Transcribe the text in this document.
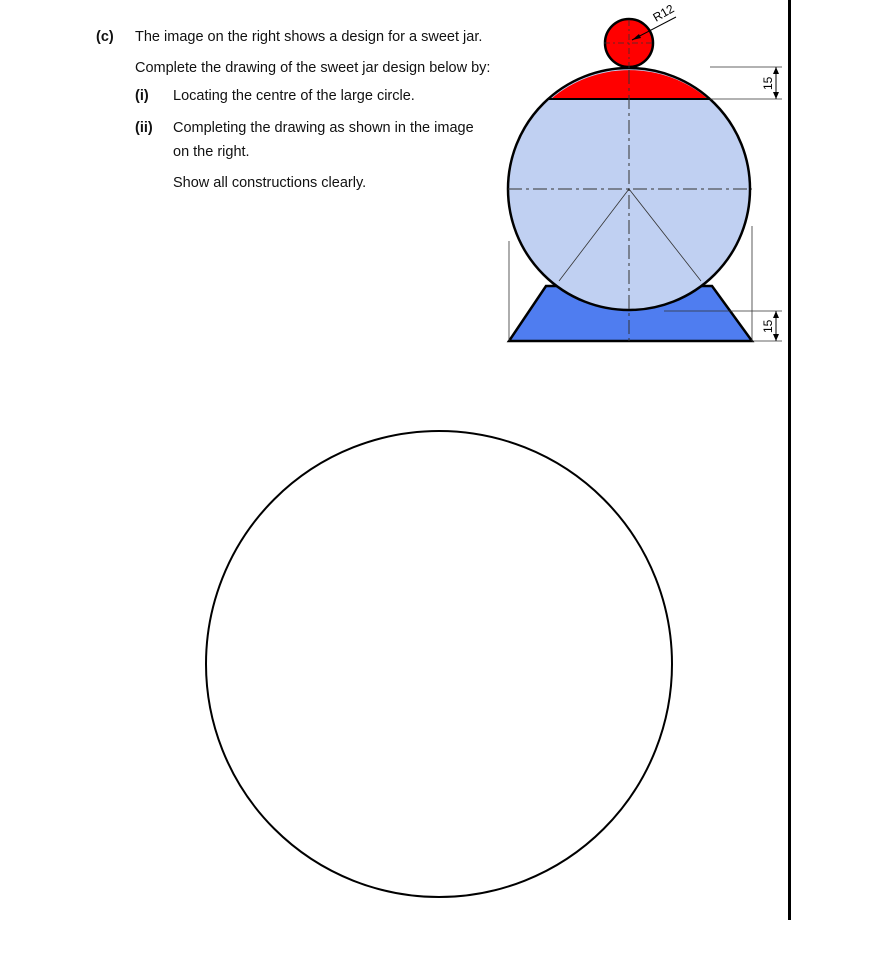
(c) The image on the right shows a design for a sweet jar.
Complete the drawing of the sweet jar design below by:
(i) Locating the centre of the large circle.
(ii) Completing the drawing as shown in the image
on the right.
Show all constructions clearly.
R12
15
15
